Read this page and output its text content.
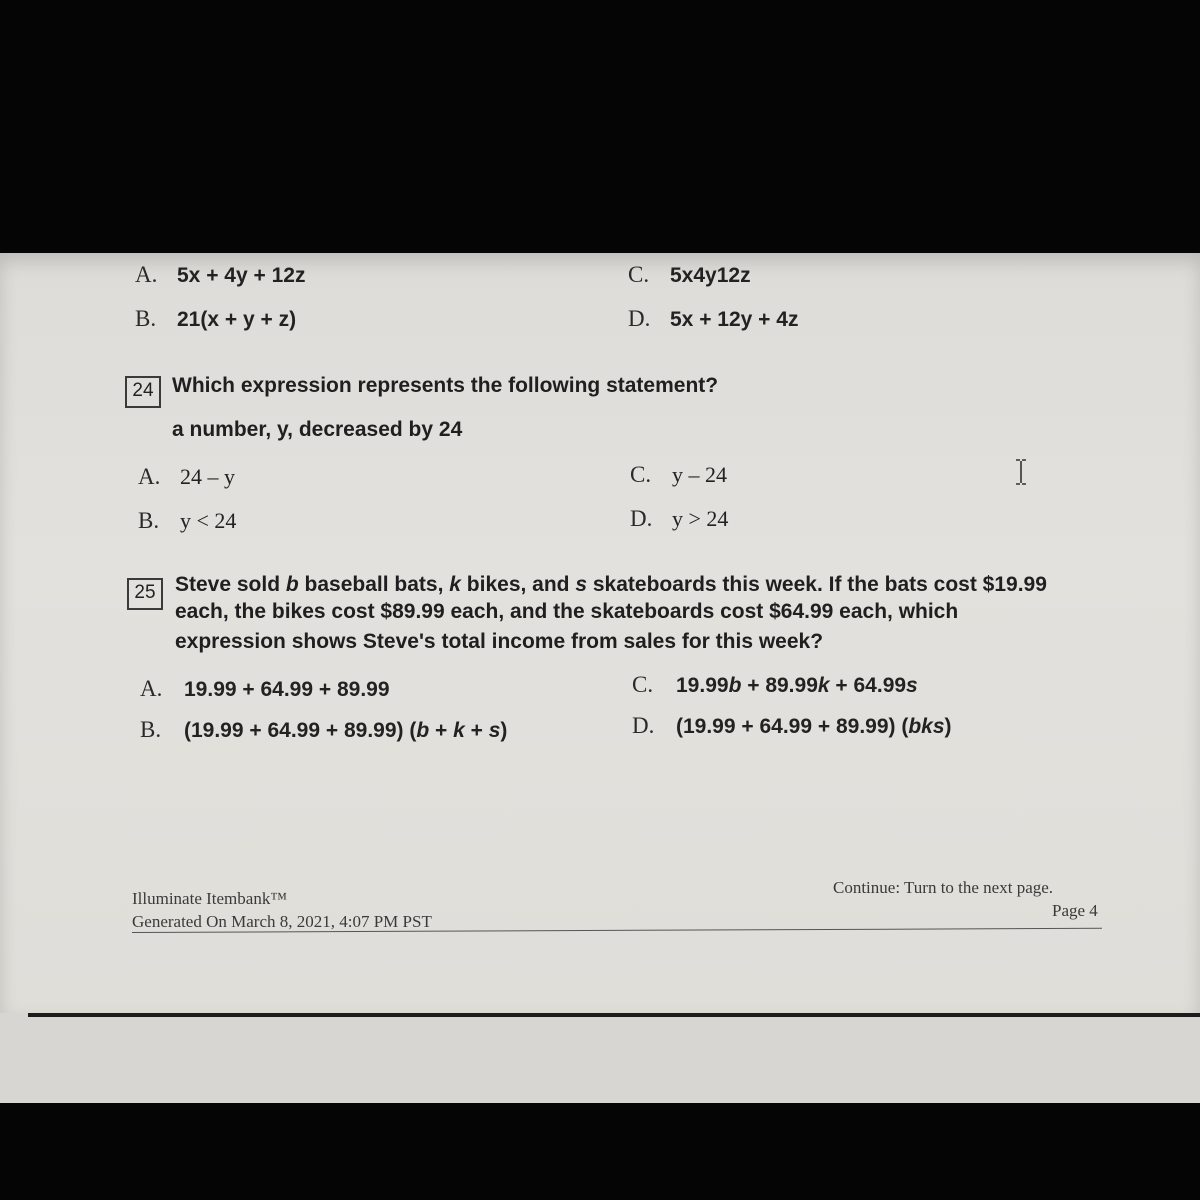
A. 5x + 4y + 12z
B. 21(x + y + z)
C. 5x4y12z
D. 5x + 12y + 4z
24 Which expression represents the following statement?
a number, y, decreased by 24
A. 24 – y
B. y < 24
C. y – 24
D. y > 24
25 Steve sold b baseball bats, k bikes, and s skateboards this week. If the bats cost $19.99
each, the bikes cost $89.99 each, and the skateboards cost $64.99 each, which
expression shows Steve's total income from sales for this week?
A. 19.99 + 64.99 + 89.99
B. (19.99 + 64.99 + 89.99) (b + k + s)
C. 19.99b + 89.99k + 64.99s
D. (19.99 + 64.99 + 89.99) (bks)
Illuminate Itembank™
Generated On March 8, 2021, 4:07 PM PST
Continue: Turn to the next page.
Page 4
